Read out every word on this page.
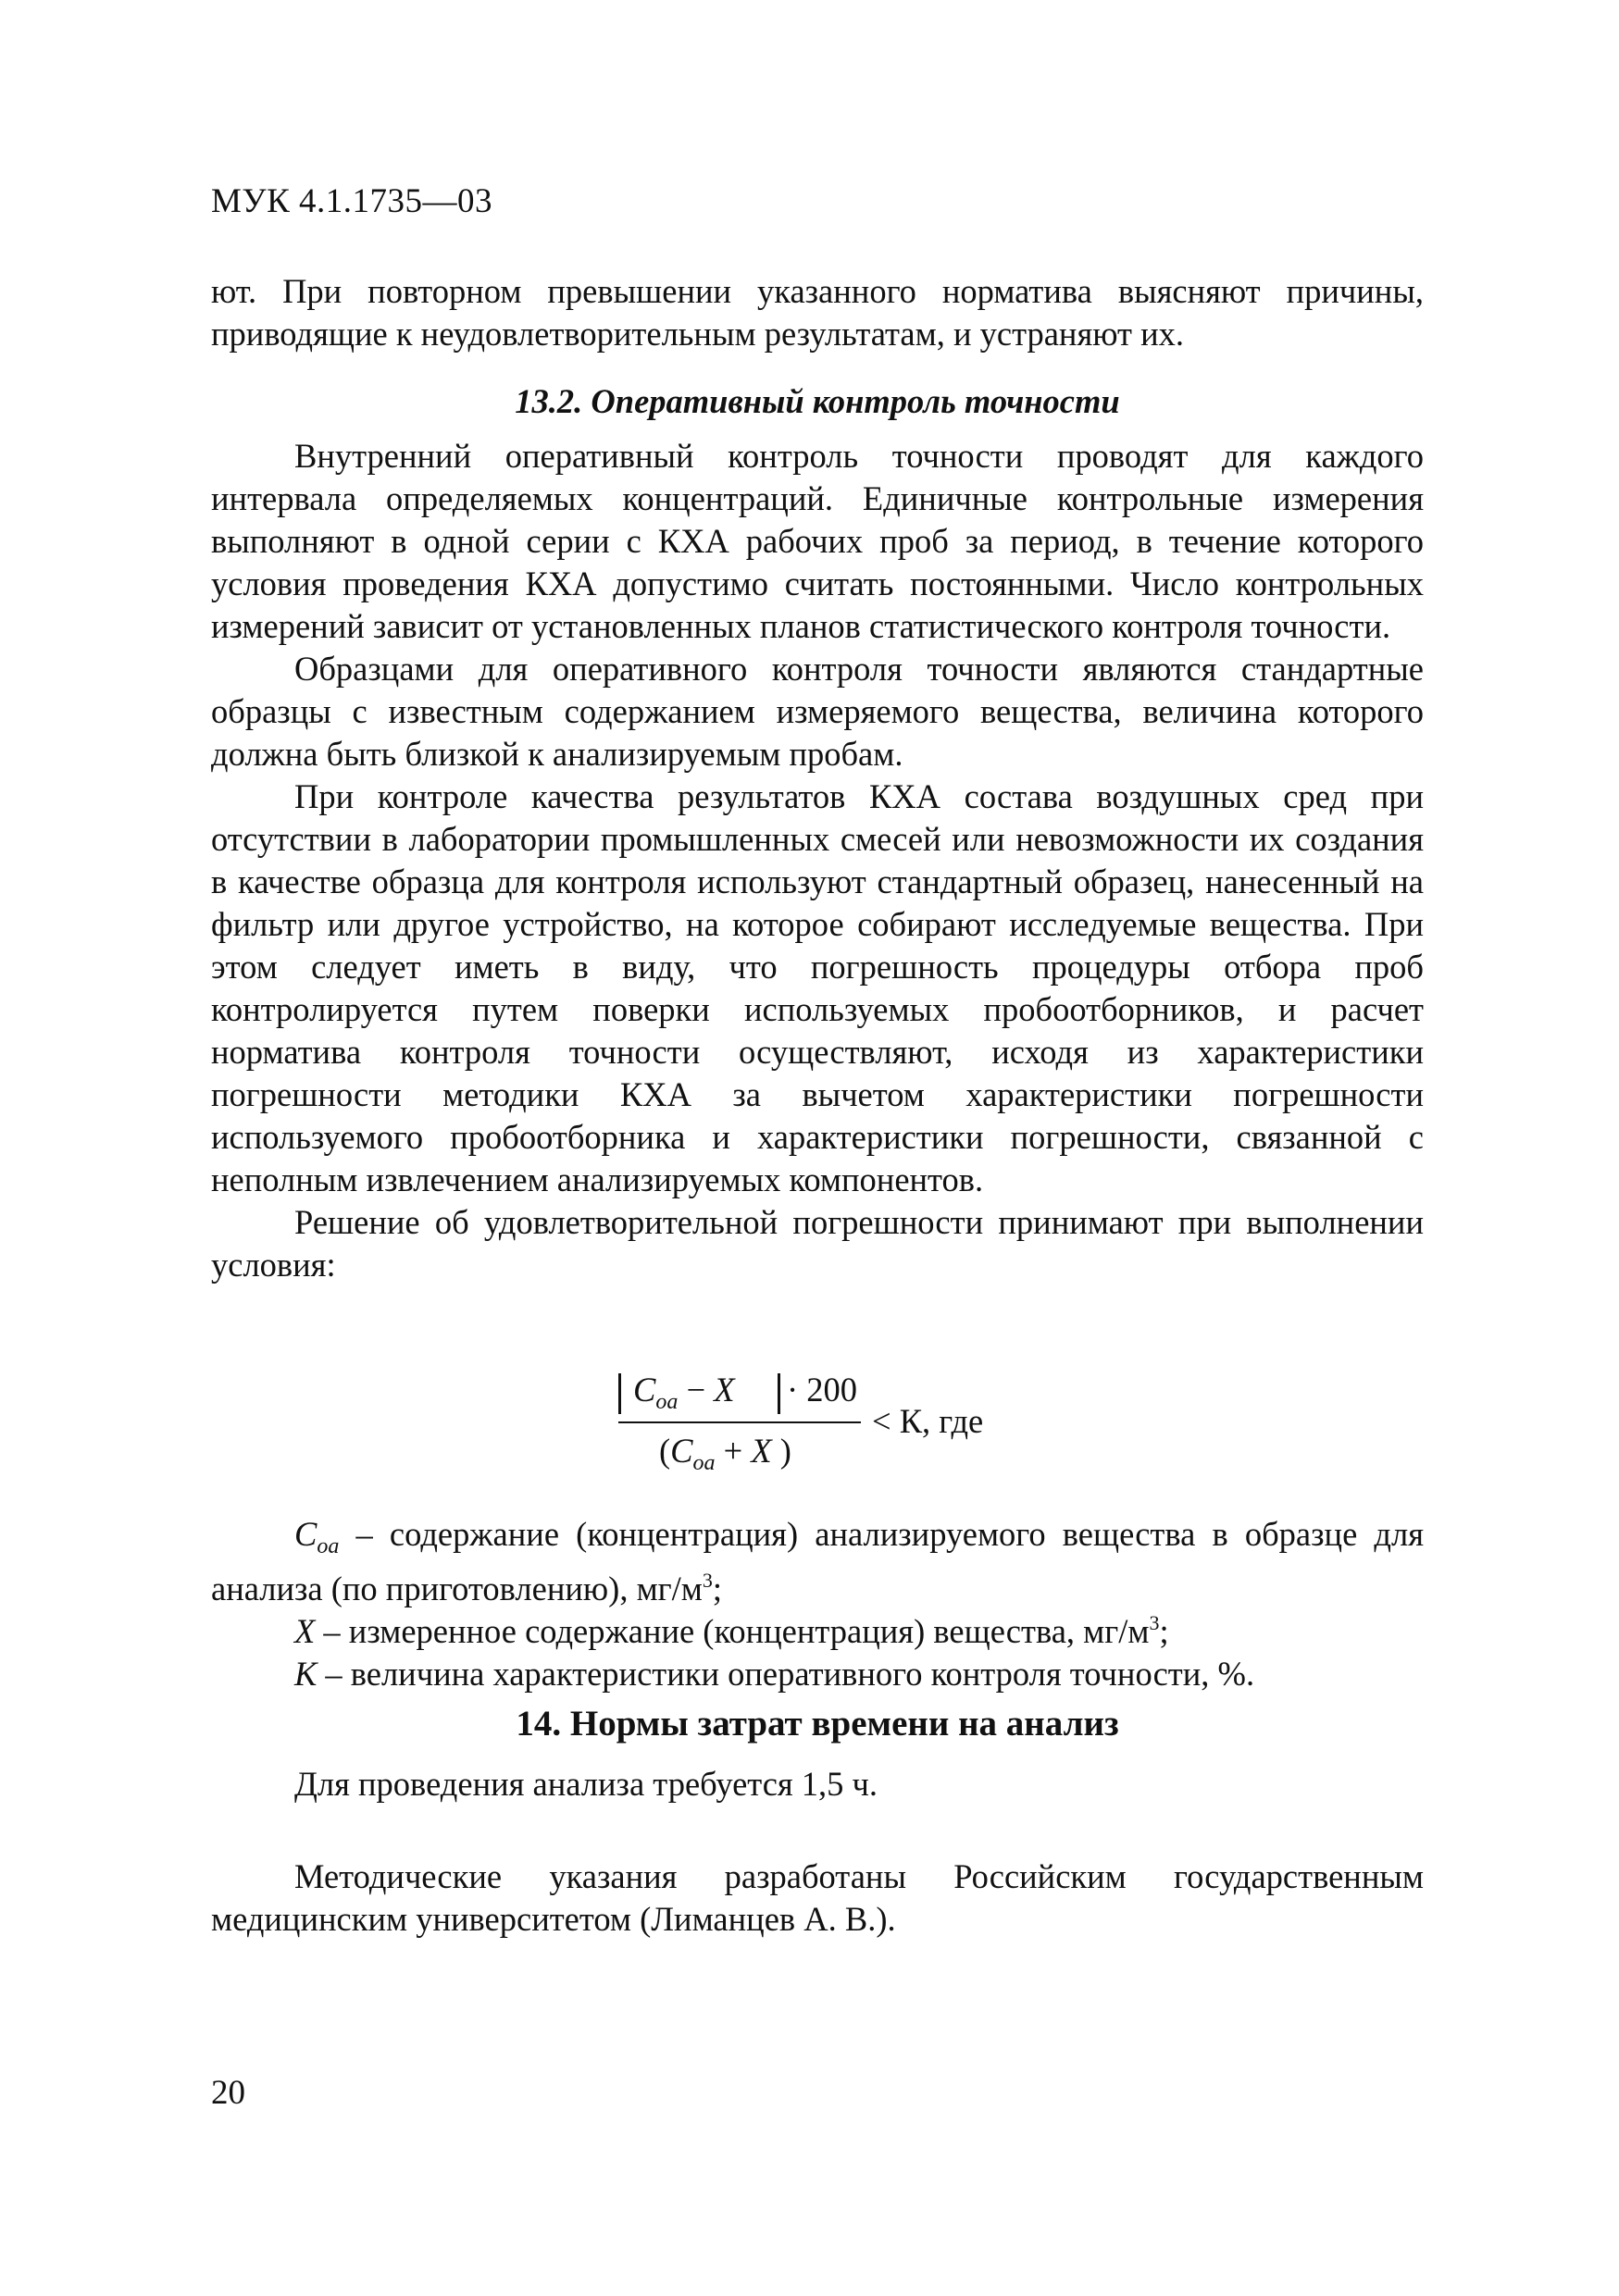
МУК 4.1.1735—03

ют. При повторном превышении указанного норматива выясняют причины, приводящие к неудовлетворительным результатам, и устраняют их.

13.2. Оперативный контроль точности

Внутренний оперативный контроль точности проводят для каждого интервала определяемых концентраций. Единичные контрольные измерения выполняют в одной серии с КХА рабочих проб за период, в течение которого условия проведения КХА допустимо считать постоянными. Число контрольных измерений зависит от установленных планов статистического контроля точности.

Образцами для оперативного контроля точности являются стандартные образцы с известным содержанием измеряемого вещества, величина которого должна быть близкой к анализируемым пробам.

При контроле качества результатов КХА состава воздушных сред при отсутствии в лаборатории промышленных смесей или невозможности их создания в качестве образца для контроля используют стандартный образец, нанесенный на фильтр или другое устройство, на которое собирают исследуемые вещества. При этом следует иметь в виду, что погрешность процедуры отбора проб контролируется путем поверки используемых пробоотборников, и расчет норматива контроля точности осуществляют, исходя из характеристики погрешности методики КХА за вычетом характеристики погрешности используемого пробоотборника и характеристики погрешности, связанной с неполным извлечением анализируемых компонентов.

Решение об удовлетворительной погрешности принимают при выполнении условия:

$C_{оа} - X \cdot 200$
($C_{оа} + X$ )
< К, где

$C_{оа}$ – содержание (концентрация) анализируемого вещества в образце для анализа (по приготовлению), $мг/м^3$;

X – измеренное содержание (концентрация) вещества, $мг/м^3$;

К – величина характеристики оперативного контроля точности, %.

14. Нормы затрат времени на анализ
Для проведения анализа требуется 1,5 ч.

Методические указания разработаны Российским государственным медицинским университетом (Лиманцев А. В.).

20
